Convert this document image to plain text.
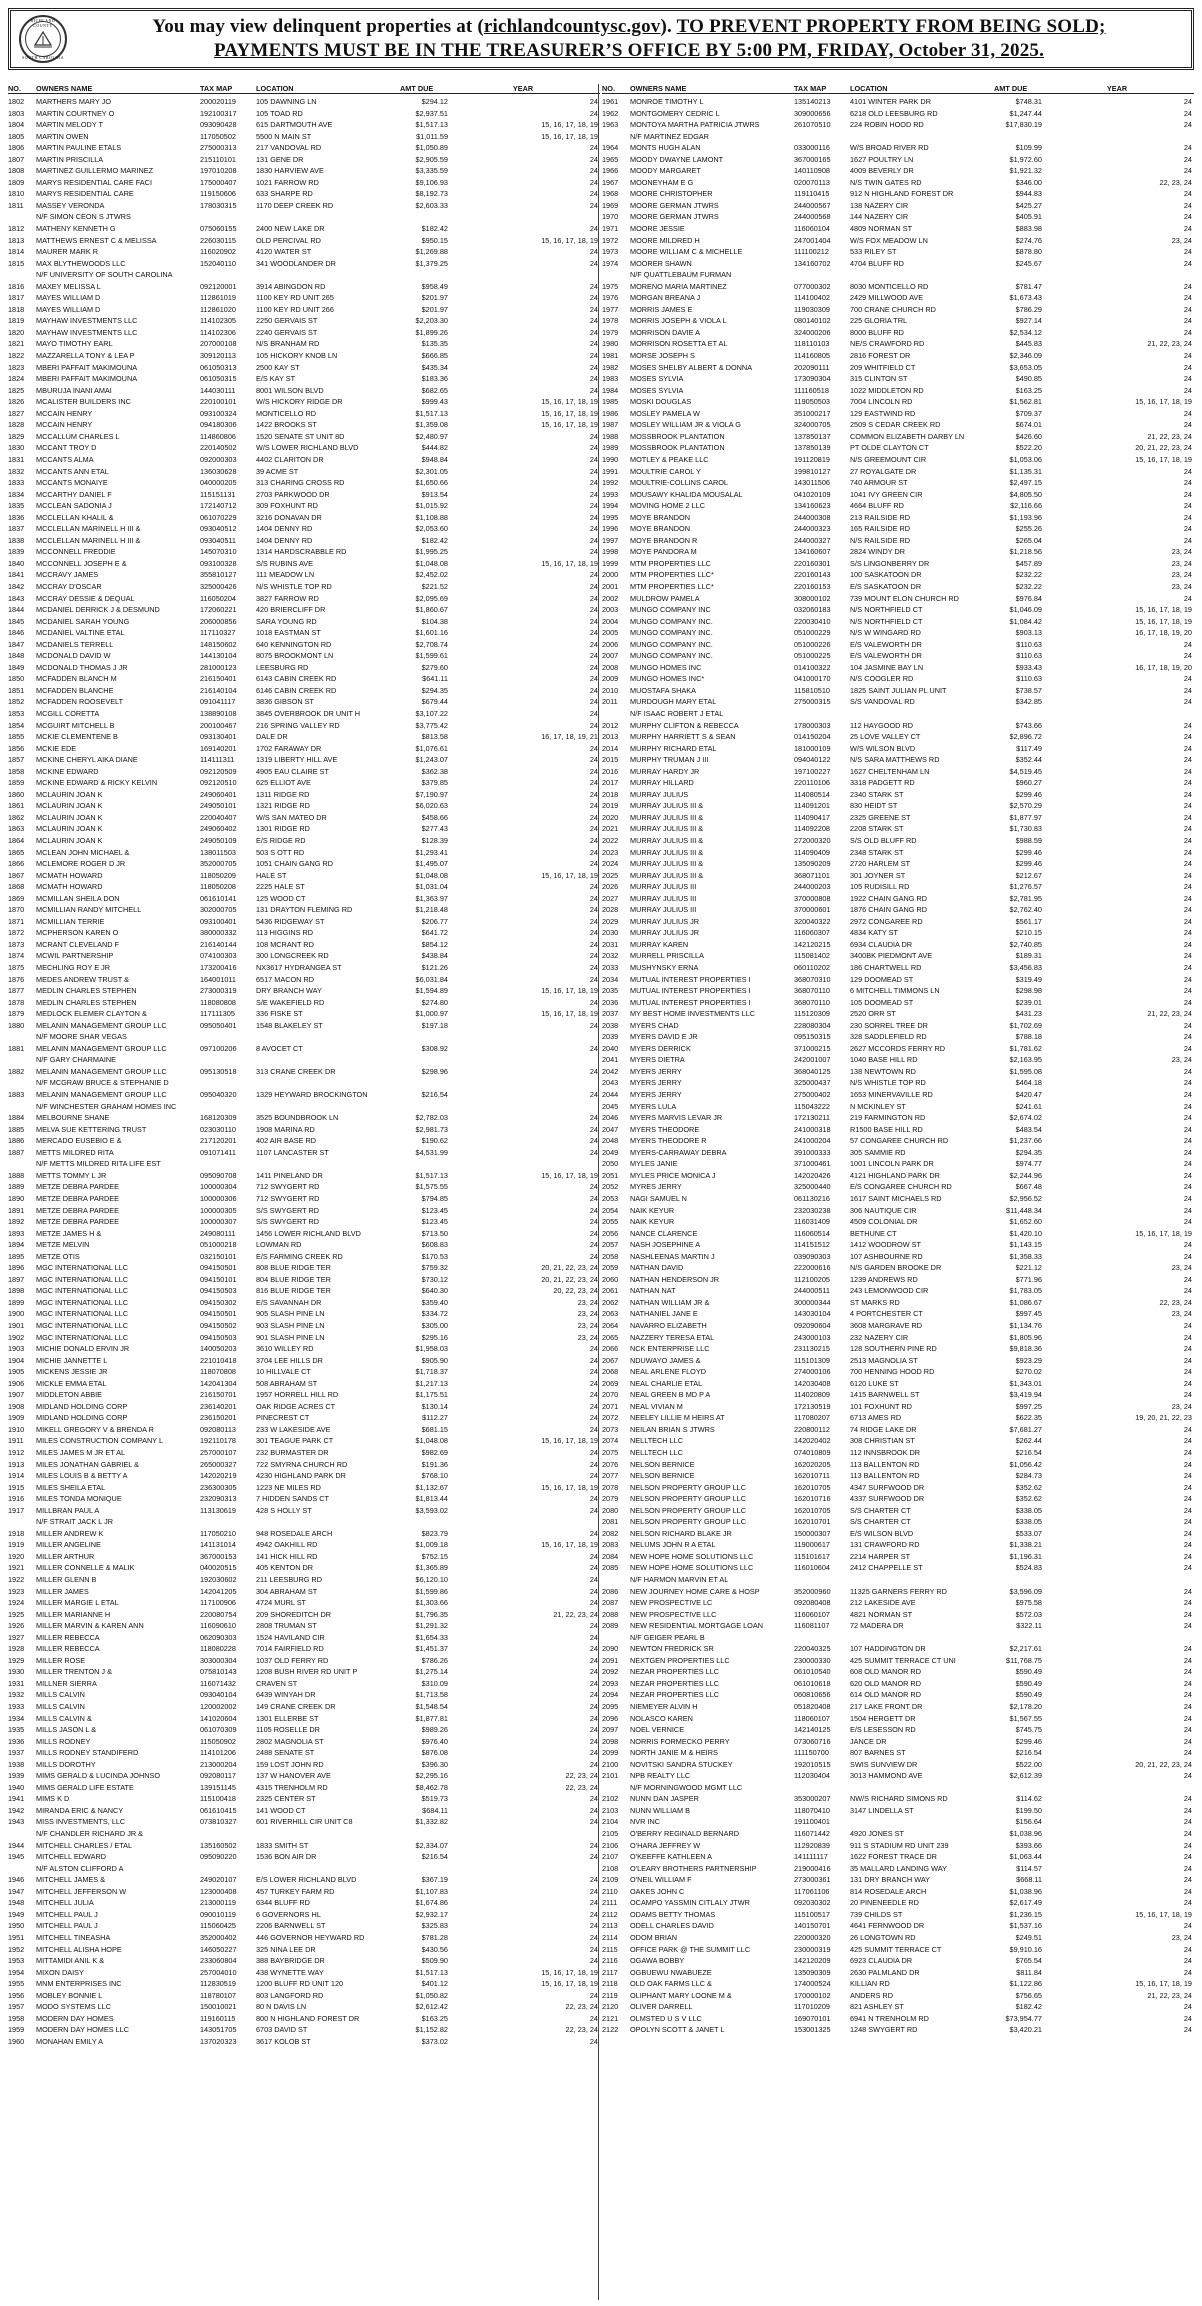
RICHLAND COUNTY
SOUTH CAROLINA
You may view delinquent properties at (richlandcountysc.gov). TO PREVENT PROPERTY FROM BEING SOLD;
PAYMENTS MUST BE IN THE TREASURER’S OFFICE BY 5:00 PM, FRIDAY, October 31, 2025.
NO.	OWNERS NAME	TAX MAP	LOCATION	AMT DUE	YEAR
1802	MARTHERS MARY JO	200020119	105 DAWNING LN	$294.12	24
1803	MARTIN COURTNEY O	192100317	105 TOAD RD	$2,937.51	24
1804	MARTIN MELODY T	093090428	615 DARTMOUTH AVE	$1,517.13	15, 16, 17, 18, 19
1805	MARTIN OWEN	117050502	5500 N MAIN ST	$1,011.59	15, 16, 17, 18, 19
1806	MARTIN PAULINE ETALS	275000313	217 VANDOVAL RD	$1,050.89	24
1807	MARTIN PRISCILLA	215110101	131 GENE DR	$2,905.59	24
1808	MARTINEZ GUILLERMO MARINEZ	197010208	1830 HARVIEW AVE	$3,335.59	24
1809	MARYS RESIDENTIAL CARE FACI	175000407	1021 FARROW RD	$9,106.93	24
1810	MARYS RESIDENTIAL CARE	119150606	633 SHARPE RD	$8,192.73	24
1811	MASSEY VERONDA	178030315	1170 DEEP CREEK RD	$2,603.33	24
N/F SIMON CEON S JTWRS
1812	MATHENY KENNETH G	075060155	2400 NEW LAKE DR	$182.42	24
1813	MATTHEWS ERNEST C & MELISSA	226030115	OLD PERCIVAL RD	$950.15	15, 16, 17, 18, 19
1814	MAURER MARK R	116020902	4120 WATER ST	$1,269.88	24
1815	MAX BLYTHEWOODS LLC	152040110	341 WOODLANDER DR	$1,379.25	24
N/F UNIVERSITY OF SOUTH CAROLINA
1816	MAXEY MELISSA L	092120001	3914 ABINGDON RD	$958.49	24
1817	MAYES WILLIAM D	112861019	1100 KEY RD UNIT 265	$201.97	24
1818	MAYES WILLIAM D	112861020	1100 KEY RD UNIT 266	$201.97	24
1819	MAYHAW INVESTMENTS LLC	114102305	2250 GERVAIS ST	$2,203.30	24
1820	MAYHAW INVESTMENTS LLC	114102306	2240 GERVAIS ST	$1,899.26	24
1821	MAYO TIMOTHY EARL	207000108	N/S BRANHAM RD	$135.35	24
1822	MAZZARELLA TONY & LEA P	309120113	105 HICKORY KNOB LN	$666.85	24
1823	MBERI PAFFAIT MAKIMOUNA	061050313	2500 KAY ST	$435.34	24
1824	MBERI PAFFAIT MAKIMOUNA	061050315	E/S KAY ST	$183.36	24
1825	MBURUJA INANI AMAI	144030111	8001 WILSON BLVD	$682.65	24
1826	MCALISTER BUILDERS INC	220100101	W/S HICKORY RIDGE DR	$999.43	15, 16, 17, 18, 19
1827	MCCAIN HENRY	093100324	MONTICELLO RD	$1,517.13	15, 16, 17, 18, 19
1828	MCCAIN HENRY	094180306	1422 BROOKS ST	$1,359.08	15, 16, 17, 18, 19
1829	MCCALLUM CHARLES L	114860806	1520 SENATE ST UNIT 8D	$2,480.97	24
1830	MCCANT TROY D	220140502	W/S LOWER RICHLAND BLVD	$444.82	24
1831	MCCANTS ALMA	092000303	4402 CLARITON DR	$948.84	24
1832	MCCANTS ANN ETAL	136030628	39 ACME ST	$2,301.05	24
1833	MCCANTS MONAIYE	040000205	313 CHARING CROSS RD	$1,650.66	24
1834	MCCARTHY DANIEL F	115151131	2703 PARKWOOD DR	$913.54	24
1835	MCCLEAN SADONIA J	172140712	309 FOXHUNT RD	$1,015.92	24
1836	MCCLELLAN KHALIL &	061070229	3216 DONAVAN DR	$1,108.88	24
1837	MCCLELLAN MARINELL H III &	093040512	1404 DENNY RD	$2,053.60	24
1838	MCCLELLAN MARINELL H III &	093040511	1404 DENNY RD	$182.42	24
1839	MCCONNELL FREDDIE	145070310	1314 HARDSCRABBLE RD	$1,995.25	24
1840	MCCONNELL JOSEPH E &	093100328	S/S RUBINS AVE	$1,048.08	15, 16, 17, 18, 19
1841	MCCRAVY JAMES	355810127	111 MEADOW LN	$2,452.02	24
1842	MCCRAY D'OSCAR	325000426	N/S WHISTLE TOP RD	$221.52	24
1843	MCCRAY DESSIE & DEQUAL	116050204	3827 FARROW RD	$2,095.69	24
1844	MCDANIEL DERRICK J & DESMUND	172060221	420 BRIERCLIFF DR	$1,860.67	24
1845	MCDANIEL SARAH YOUNG	206000856	SARA YOUNG RD	$104.38	24
1846	MCDANIEL VALTINE ETAL	117110327	1018 EASTMAN ST	$1,601.16	24
1847	MCDANIELS TERRELL	148150602	640 KENNINGTON RD	$2,708.74	24
1848	MCDONALD DAVID W	144130104	8075 BROOKMONT LN	$1,599.61	24
1849	MCDONALD THOMAS J JR	281000123	LEESBURG RD	$279.60	24
1850	MCFADDEN BLANCH M	216150401	6143 CABIN CREEK RD	$641.11	24
1851	MCFADDEN BLANCHE	216140104	6146 CABIN CREEK RD	$294.35	24
1852	MCFADDEN ROOSEVELT	091041117	3836 GIBSON ST	$679.44	24
1853	MCGILL CORETTA	138890108	3845 OVERBROOK DR UNIT H	$3,107.22	24
1854	MCGUIRT MITCHELL B	200100467	216 SPRING VALLEY RD	$3,775.42	24
1855	MCKIE CLEMENTENE B	093130401	DALE DR	$813.58	16, 17, 18, 19, 21
1856	MCKIE EDE	169140201	1702 FARAWAY DR	$1,076.61	24
1857	MCKINE CHERYL AIKA DIANE	114111311	1319 LIBERTY HILL AVE	$1,243.07	24
1858	MCKINE EDWARD	092120509	4905 EAU CLAIRE ST	$362.38	24
1859	MCKINE EDWARD & RICKY KELVIN	092120510	625 ELLIOT AVE	$379.85	24
1860	MCLAURIN JOAN K	249060401	1311 RIDGE RD	$7,190.97	24
1861	MCLAURIN JOAN K	249050101	1321 RIDGE RD	$6,020.63	24
1862	MCLAURIN JOAN K	220040407	W/S SAN MATEO DR	$458.66	24
1863	MCLAURIN JOAN K	249060402	1301 RIDGE RD	$277.43	24
1864	MCLAURIN JOAN K	249050109	E/S RIDGE RD	$128.39	24
1865	MCLEAN JOHN MICHAEL &	138011503	503 S OTT RD	$1,293.41	24
1866	MCLEMORE ROGER D JR	352000705	1051 CHAIN GANG RD	$1,495.07	24
1867	MCMATH HOWARD	118050209	HALE ST	$1,048.08	15, 16, 17, 18, 19
1868	MCMATH HOWARD	118050208	2225 HALE ST	$1,031.04	24
1869	MCMILLAN SHEILA DON	061610141	125 WOOD CT	$1,363.97	24
1870	MCMILLIAN RANDY MITCHELL	302000705	131 DRAYTON FLEMING RD	$1,218.48	24
1871	MCMILLIAN TERRIE	093100401	5436 RIDGEWAY ST	$206.77	24
1872	MCPHERSON KAREN O	380000332	113 HIGGINS RD	$641.72	24
1873	MCRANT CLEVELAND F	216140144	108 MCRANT RD	$854.12	24
1874	MCWIL PARTNERSHIP	074100303	300 LONGCREEK RD	$438.84	24
1875	MECHLING ROY E JR	173200416	NX3617 HYDRANGEA ST	$121.26	24
1876	MEDES ANDREW TRUST &	164001011	6517 MACON RD	$6,031.84	24
1877	MEDLIN CHARLES STEPHEN	273000319	DRY BRANCH WAY	$1,594.89	15, 16, 17, 18, 19
1878	MEDLIN CHARLES STEPHEN	118080808	S/E WAKEFIELD RD	$274.80	24
1879	MEDLOCK ELEMER CLAYTON &	117111305	336 FISKE ST	$1,000.97	15, 16, 17, 18, 19
1880	MELANIN MANAGEMENT GROUP LLC	095050401	1548 BLAKELEY ST	$197.18	24
N/F MOORE SHAR VEGAS
1881	MELANIN MANAGEMENT GROUP LLC	097100206	8 AVOCET CT	$308.92	24
N/F GARY CHARMAINE
1882	MELANIN MANAGEMENT GROUP LLC	095130518	313 CRANE CREEK DR	$298.96	24
N/F MCGRAW BRUCE & STEPHANIE D
1883	MELANIN MANAGEMENT GROUP LLC	095040320	1329 HEYWARD BROCKINGTON	$216.54	24
N/F WINCHESTER GRAHAM HOMES INC
1884	MELBOURNE SHANE	168120309	3525 BOUNDBROOK LN	$2,782.03	24
1885	MELVA SUE KETTERING TRUST	023030110	1908 MARINA RD	$2,981.73	24
1886	MERCADO EUSEBIO E &	217120201	402 AIR BASE RD	$190.62	24
1887	METTS MILDRED RITA	091071411	1107 LANCASTER ST	$4,531.99	24
N/F METTS MILDRED RITA LIFE EST
1888	METTS TOMMY L JR	095090708	1411 PINELAND DR	$1,517.13	15, 16, 17, 18, 19
1889	METZE DEBRA PARDEE	100000304	712 SWYGERT RD	$1,575.55	24
1890	METZE DEBRA PARDEE	100000306	712 SWYGERT RD	$794.85	24
1891	METZE DEBRA PARDEE	100000305	S/S SWYGERT RD	$123.45	24
1892	METZE DEBRA PARDEE	100000307	S/S SWYGERT RD	$123.45	24
1893	METZE JAMES H &	249080111	1456 LOWER RICHLAND BLVD	$713.50	24
1894	METZE MELVIN	051000218	LOWMAN RD	$608.83	24
1895	METZE OTIS	032150101	E/S FARMING CREEK RD	$170.53	24
1896	MGC INTERNATIONAL LLC	094150501	808 BLUE RIDGE TER	$759.32	20, 21, 22, 23, 24
1897	MGC INTERNATIONAL LLC	094150101	804 BLUE RIDGE TER	$730.12	20, 21, 22, 23, 24
1898	MGC INTERNATIONAL LLC	094150503	816 BLUE RIDGE TER	$640.30	20, 22, 23, 24
1899	MGC INTERNATIONAL LLC	094150302	E/S SAVANNAH DR	$359.40	23, 24
1900	MGC INTERNATIONAL LLC	094150501	905 SLASH PINE LN	$334.72	23, 24
1901	MGC INTERNATIONAL LLC	094150502	903 SLASH PINE LN	$305.00	23, 24
1902	MGC INTERNATIONAL LLC	094150503	901 SLASH PINE LN	$295.16	23, 24
1903	MICHIE DONALD ERVIN JR	140050203	3610 WILLEY RD	$1,958.03	24
1904	MICHIE JANNETTE L	221010418	3704 LEE HILLS DR	$905.90	24
1905	MICKENS JESSIE JR	118070808	10 HILLVALE CT	$1,718.37	24
1906	MICKLE EMMA ETAL	142041304	508 ABRAHAM ST	$1,217.13	24
1907	MIDDLETON ABBIE	216150701	1957 HORRELL HILL RD	$1,175.51	24
1908	MIDLAND HOLDING CORP	236140201	OAK RIDGE ACRES CT	$130.14	24
1909	MIDLAND HOLDING CORP	236150201	PINECREST CT	$112.27	24
1910	MIKELL GREGORY V & BRENDA R	092080113	233 W LAKESIDE AVE	$681.15	24
1911	MILES CONSTRUCTION COMPANY L	192110178	301 TEAGUE PARK CT	$1,048.08	15, 16, 17, 18, 19
1912	MILES JAMES M JR ET AL	257000107	232 BURMASTER DR	$982.69	24
1913	MILES JONATHAN GABRIEL &	265000327	722 SMYRNA CHURCH RD	$191.36	24
1914	MILES LOUIS B & BETTY A	142020219	4230 HIGHLAND PARK DR	$768.10	24
1915	MILES SHEILA ETAL	236300305	1223 NE MILES RD	$1,132.67	15, 16, 17, 18, 19
1916	MILES TONDA MONIQUE	232090313	7 HIDDEN SANDS CT	$1,813.44	24
1917	MILLBRAN PAUL A	113130619	428 S HOLLY ST	$3,593.02	24
N/F STRAIT JACK L JR
1918	MILLER ANDREW K	117050210	948 ROSEDALE ARCH	$823.79	24
1919	MILLER ANGELINE	141131014	4942 OAKHILL RD	$1,009.18	15, 16, 17, 18, 19
1920	MILLER ARTHUR	367000153	141 HICK HILL RD	$752.15	24
1921	MILLER CONNELLE & MALIK	040020515	405 KENTON DR	$1,365.89	24
1922	MILLER GLENN B	192030602	211 LEESBURG RD	$6,120.10	24
1923	MILLER JAMES	142041205	304 ABRAHAM ST	$1,599.86	24
1924	MILLER MARGIE L ETAL	117100906	4724 MURL ST	$1,303.66	24
1925	MILLER MARIANNE H	220080754	209 SHOREDITCH DR	$1,796.35	21, 22, 23, 24
1926	MILLER MARVIN & KAREN ANN	116090610	2808 TRUMAN ST	$1,291.32	24
1927	MILLER REBECCA	062090303	1524 HAVILAND CIR	$1,654.33	24
1928	MILLER REBECCA	118080228	7014 FAIRFIELD RD	$1,451.37	24
1929	MILLER ROSE	303000304	1037 OLD FERRY RD	$786.26	24
1930	MILLER TRENTON J &	075810143	1208 BUSH RIVER RD UNIT P	$1,275.14	24
1931	MILLNER SIERRA	116071432	CRAVEN ST	$310.09	24
1932	MILLS CALVIN	093040104	6439 WINYAH DR	$1,713.58	24
1933	MILLS CALVIN	120002002	149 CRANE CREEK DR	$1,548.54	24
1934	MILLS CALVIN &	141020604	1301 ELLERBE ST	$1,877.81	24
1935	MILLS JASON L &	061070309	1105 ROSELLE DR	$989.26	24
1936	MILLS RODNEY	115050902	2802 MAGNOLIA ST	$976.40	24
1937	MILLS RODNEY STANDIFERD	114101206	2488 SENATE ST	$876.08	24
1938	MILLS DOROTHY	213000204	159 LOST JOHN RD	$396.30	24
1939	MIMS GERALD & LUCINDA JOHNSO	092080117	137 W HANOVER AVE	$2,295.16	22, 23, 24
1940	MIMS GERALD LIFE ESTATE	139151145	4315 TRENHOLM RD	$8,462.78	22, 23, 24
1941	MIMS K D	115100418	2325 CENTER ST	$519.73	24
1942	MIRANDA ERIC & NANCY	061610415	141 WOOD CT	$684.11	24
1943	MISS INVESTMENTS, LLC	073810327	601 RIVERHILL CIR UNIT C8	$1,332.82	24
N/F CHANDLER RICHARD JR &
1944	MITCHELL CHARLES / ETAL	135160502	1833 SMITH ST	$2,334.07	24
1945	MITCHELL EDWARD	095090220	1536 BON AIR DR	$216.54	24
N/F ALSTON CLIFFORD A
1946	MITCHELL JAMES &	249020107	E/S LOWER RICHLAND BLVD	$367.19	24
1947	MITCHELL JEFFERSON W	123000408	457 TURKEY FARM RD	$1,107.83	24
1948	MITCHELL JULIA	213000119	6344 BLUFF RD	$1,674.86	24
1949	MITCHELL PAUL J	090010119	6 GOVERNORS HL	$2,932.17	24
1950	MITCHELL PAUL J	115060425	2206 BARNWELL ST	$325.83	24
1951	MITCHELL TINEASHA	352000402	446 GOVERNOR HEYWARD RD	$781.28	24
1952	MITCHELL ALISHA HOPE	146050227	325 NINA LEE DR	$430.56	24
1953	MITTAMIDI ANIL K &	233060804	388 BAYBRIDGE DR	$509.90	24
1954	MIXON DAISY	257004010	438 WYNETTE WAY	$1,517.13	15, 16, 17, 18, 19
1955	MNM ENTERPRISES INC	112830519	1200 BLUFF RD UNIT 120	$401.12	15, 16, 17, 18, 19
1956	MOBLEY BONNIE L	118780107	803 LANGFORD RD	$1,050.82	24
1957	MODO SYSTEMS LLC	150010021	80 N DAVIS LN	$2,612.42	22, 23, 24
1958	MODERN DAY HOMES	119160115	800 N HIGHLAND FOREST DR	$163.25	24
1959	MODERN DAY HOMES LLC	143051705	6703 DAVID ST	$1,152.82	22, 23, 24
1960	MONAHAN EMILY A	137020323	3617 KOLOB ST	$373.02	24
NO.	OWNERS NAME	TAX MAP	LOCATION	AMT DUE	YEAR
1961	MONROE TIMOTHY L	135140213	4101 WINTER PARK DR	$748.31	24
1962	MONTGOMERY CEDRIC L	309000656	6218 OLD LEESBURG RD	$1,247.44	24
1963	MONTOYA MARTHA PATRICIA JTWRS	261070510	224 ROBIN HOOD RD	$17,830.19	24
N/F MARTINEZ EDGAR
1964	MONTS HUGH ALAN	033000116	W/S BROAD RIVER RD	$109.99	24
1965	MOODY DWAYNE LAMONT	367000165	1627 POULTRY LN	$1,972.60	24
1966	MOODY MARGARET	140110908	4009 BEVERLY DR	$1,921.32	24
1967	MOONEYHAM E G	020070113	N/S TWIN GATES RD	$346.00	22, 23, 24
1968	MOORE CHRISTOPHER	119110415	912 N HIGHLAND FOREST DR	$944.83	24
1969	MOORE GERMAN JTWRS	244000567	138 NAZERY CIR	$425.27	24
1970	MOORE GERMAN JTWRS	244000568	144 NAZERY CIR	$405.91	24
1971	MOORE JESSIE	116060104	4809 NORMAN ST	$883.98	24
1972	MOORE MILDRED H	247001404	W/S FOX MEADOW LN	$274.76	23, 24
1973	MOORE WILLIAM C & MICHELLE	111100212	533 RILEY ST	$878.80	24
1974	MOORER SHAWN	134160702	4704 BLUFF RD	$245.67	24
N/F QUATTLEBAUM FURMAN
1975	MORENO MARIA MARTINEZ	077000302	8030 MONTICELLO RD	$781.47	24
1976	MORGAN BREANA J	114100402	2429 MILLWOOD AVE	$1,673.43	24
1977	MORRIS JAMES E	119030309	700 CRANE CHURCH RD	$786.29	24
1978	MORRIS JOSEPH & VIOLA L	080140102	225 GLORIA TRL	$927.14	24
1979	MORRISON DAVIE A	324000206	8000 BLUFF RD	$2,534.12	24
1980	MORRISON ROSETTA ET AL	118110103	NE/S CRAWFORD RD	$445.83	21, 22, 23, 24
1981	MORSE JOSEPH S	114160805	2816 FOREST DR	$2,346.09	24
1982	MOSES SHELBY ALBERT & DONNA	202090111	209 WHITFIELD CT	$3,653.05	24
1983	MOSES SYLVIA	173090304	315 CLINTON ST	$490.85	24
1984	MOSES SYLVIA	111160518	1022 MIDDLETON RD	$163.25	24
1985	MOSKI DOUGLAS	119050503	7004 LINCOLN RD	$1,562.81	15, 16, 17, 18, 19
1986	MOSLEY PAMELA W	351000217	129 EASTWIND RD	$709.37	24
1987	MOSLEY WILLIAM JR & VIOLA G	324000705	2509 S CEDAR CREEK RD	$674.01	24
1988	MOSSBROOK PLANTATION	137850137	COMMON ELIZABETH DARBY LN	$426.60	21, 22, 23, 24
1989	MOSSBROOK PLANTATION	137850139	PT OLDE CLAYTON CT	$522.20	20, 21, 22, 23, 24
1990	MOTLEY & PEAKE LLC	191120819	N/S GREEMOUNT CIR	$1,053.06	15, 16, 17, 18, 19
1991	MOULTRIE CAROL Y	199810127	27 ROYALGATE DR	$1,135.31	24
1992	MOULTRIE-COLLINS CAROL	143011506	740 ARMOUR ST	$2,497.15	24
1993	MOUSAWY KHALIDA MOUSALAL	041020109	1041 IVY GREEN CIR	$4,805.50	24
1994	MOVING HOME 2 LLC	134160623	4664 BLUFF RD	$2,116.66	24
1995	MOYE BRANDON	244000308	213 RAILSIDE RD	$1,193.96	24
1996	MOYE BRANDON	244000323	165 RAILSIDE RD	$255.26	24
1997	MOYE BRANDON R	244000327	N/S RAILSIDE RD	$265.04	24
1998	MOYE PANDORA M	134160607	2824 WINDY DR	$1,218.56	23, 24
1999	MTM PROPERTIES LLC	220160301	S/S LINGONBERRY DR	$457.89	23, 24
2000	MTM PROPERTIES LLC*	220160143	100 SASKATOON DR	$232.22	23, 24
2001	MTM PROPERTIES LLC*	220160153	E/S SASKATOON DR	$232.22	23, 24
2002	MULDROW PAMELA	308000102	739 MOUNT ELON CHURCH RD	$976.84	24
2003	MUNGO COMPANY INC	032060183	N/S NORTHFIELD CT	$1,046.09	15, 16, 17, 18, 19
2004	MUNGO COMPANY INC.	220030410	N/S NORTHFIELD CT	$1,084.42	15, 16, 17, 18, 19
2005	MUNGO COMPANY INC.	051000229	N/S W WINGARD RD	$903.13	16, 17, 18, 19, 20
2006	MUNGO COMPANY INC.	051000226	E/S VALEWORTH DR	$110.63	24
2007	MUNGO COMPANY INC.	051000225	E/S VALEWORTH DR	$110.63	24
2008	MUNGO HOMES INC	014100322	104 JASMINE BAY LN	$933.43	16, 17, 18, 19, 20
2009	MUNGO HOMES INC*	041000170	N/S COOGLER RD	$110.63	24
2010	MUOSTAFA SHAKA	115810510	1825 SAINT JULIAN PL UNIT	$738.57	24
2011	MURDOUGH MARY ETAL	275000315	S/S VANDOVAL RD	$342.85	24
N/F ISAAC ROBERT J ETAL
2012	MURPHY CLIFTON & REBECCA	178000303	112 HAYGOOD RD	$743.66	24
2013	MURPHY HARRIETT S & SEAN	014150204	25 LOVE VALLEY CT	$2,896.72	24
2014	MURPHY RICHARD ETAL	181000109	W/S WILSON BLVD	$117.49	24
2015	MURPHY TRUMAN J III	094040122	N/S SARA MATTHEWS RD	$352.44	24
2016	MURRAY HARDY JR	197100227	1627 CHELTENHAM LN	$4,519.45	24
2017	MURRAY HILLARD	220110106	3318 PADGETT RD	$960.27	24
2018	MURRAY JULIUS	114080514	2340 STARK ST	$299.46	24
2019	MURRAY JULIUS III &	114091201	830 HEIDT ST	$2,570.29	24
2020	MURRAY JULIUS III &	114090417	2325 GREENE ST	$1,877.97	24
2021	MURRAY JULIUS III &	114092208	2208 STARK ST	$1,730.83	24
2022	MURRAY JULIUS III &	272000320	S/S OLD BLUFF RD	$988.59	24
2023	MURRAY JULIUS III &	114090409	2348 STARK ST	$299.46	24
2024	MURRAY JULIUS III &	135090209	2720 HARLEM ST	$299.46	24
2025	MURRAY JULIUS III &	368071101	301 JOYNER ST	$212.67	24
2026	MURRAY JULIUS III	244000203	105 RUDISILL RD	$1,276.57	24
2027	MURRAY JULIUS III	370000808	1922 CHAIN GANG RD	$2,781.95	24
2028	MURRAY JULIUS III	370000601	1876 CHAIN GANG RD	$2,762.40	24
2029	MURRAY JULIUS JR	320040322	2972 CONGAREE RD	$561.17	24
2030	MURRAY JULIUS JR	116060307	4834 KATY ST	$210.15	24
2031	MURRAY KAREN	142120215	6934 CLAUDIA DR	$2,740.85	24
2032	MURRELL PRISCILLA	115081402	3400BK PIEDMONT AVE	$189.31	24
2033	MUSHYNSKY ERNA	060110202	186 CHARTWELL RD	$3,456.83	24
2034	MUTUAL INTEREST PROPERTIES I	368070310	129 DOOMEAD ST	$319.49	24
2035	MUTUAL INTEREST PROPERTIES I	368070110	6 MITCHELL TIMMONS LN	$298.98	24
2036	MUTUAL INTEREST PROPERTIES I	368070110	105 DOOMEAD ST	$239.01	24
2037	MY BEST HOME INVESTMENTS LLC	115120309	2520 ORR ST	$431.23	21, 22, 23, 24
2038	MYERS CHAD	228080304	230 SORREL TREE DR	$1,702.69	24
2039	MYERS DAVID E JR	095150315	328 SADDLEFIELD RD	$788.18	24
2040	MYERS DERRICK	371000215	2627 MCCORDS FERRY RD	$1,781.62	24
2041	MYERS DIETRA	242001007	1040 BASE HILL RD	$2,163.95	23, 24
2042	MYERS JERRY	368040125	138 NEWTOWN RD	$1,595.08	24
2043	MYERS JERRY	325000437	N/S WHISTLE TOP RD	$464.18	24
2044	MYERS JERRY	275000402	1653 MINERVAVILLE RD	$420.47	24
2045	MYERS LULA	115043222	N MCKINLEY ST	$241.61	24
2046	MYERS MARVIS LEVAR JR	172130211	219 FARMINGTON RD	$2,674.02	24
2047	MYERS THEODORE	241000318	R1500 BASE HILL RD	$483.54	24
2048	MYERS THEODORE R	241000204	57 CONGAREE CHURCH RD	$1,237.66	24
2049	MYERS-CARRAWAY DEBRA	391000333	305 SAMMIE RD	$294.35	24
2050	MYLES JANIE	371000461	1001 LINCOLN PARK DR	$974.77	24
2051	MYLES PRICE MONICA J	142020426	4121 HIGHLAND PARK DR	$2,244.96	24
2052	MYRES JERRY	325000440	E/S CONGAREE CHURCH RD	$667.48	24
2053	NAGI SAMUEL N	061130216	1617 SAINT MICHAELS RD	$2,956.52	24
2054	NAIK KEYUR	232030238	306 NAUTIQUE CIR	$11,448.34	24
2055	NAIK KEYUR	116031409	4509 COLONIAL DR	$1,652.60	24
2056	NANCE CLARENCE	116060514	BETHUNE CT	$1,420.10	15, 16, 17, 18, 19
2057	NASH JOSEPHINE A	114151512	1412 WOODROW ST	$1,143.15	24
2058	NASHLEENAS MARTIN J	039090303	107 ASHBOURNE RD	$1,358.33	24
2059	NATHAN DAVID	222000616	N/S GARDEN BROOKE DR	$221.12	23, 24
2060	NATHAN HENDERSON JR	112100205	1239 ANDREWS RD	$771.96	24
2061	NATHAN NAT	244000511	243 LEMONWOOD CIR	$1,783.05	24
2062	NATHAN WILLIAM JR &	300000344	ST MARKS RD	$1,086.67	22, 23, 24
2063	NATHANIEL JANE E	143030104	4 PORTCHESTER CT	$997.45	23, 24
2064	NAVARRO ELIZABETH	092090604	3608 MARGRAVE RD	$1,134.76	24
2065	NAZZERY TERESA ETAL	243000103	232 NAZERY CIR	$1,805.96	24
2066	NCK ENTERPRISE LLC	231130215	128 SOUTHERN PINE RD	$9,818.36	24
2067	NDUWAYO JAMES &	115101309	2513 MAGNOLIA ST	$923.29	24
2068	NEAL ARLENE FLOYD	274000106	700 HENNING HOOD RD	$270.02	24
2069	NEAL CHARLIE ETAL	142030408	6120 LUKE ST	$1,343.01	24
2070	NEAL GREEN B MD P A	114020809	1415 BARNWELL ST	$3,419.94	24
2071	NEAL VIVIAN M	172130519	101 FOXHUNT RD	$997.25	23, 24
2072	NEELEY LILLIE M HEIRS AT	117080207	6713 AMES RD	$622.35	19, 20, 21, 22, 23
2073	NEILAN BRIAN S JTWRS	220800112	74 RIDGE LAKE DR	$7,681.27	24
2074	NELLTECH LLC	142020402	308 CHRISTIAN ST	$262.44	24
2075	NELLTECH LLC	074010809	112 INNSBROOK DR	$216.54	24
2076	NELSON BERNICE	162020205	113 BALLENTON RD	$1,056.42	24
2077	NELSON BERNICE	162010711	113 BALLENTON RD	$284.73	24
2078	NELSON PROPERTY GROUP LLC	162010705	4347 SURFWOOD DR	$352.62	24
2079	NELSON PROPERTY GROUP LLC	162010716	4337 SURFWOOD DR	$352.62	24
2080	NELSON PROPERTY GROUP LLC	162010705	S/S CHARTER CT	$338.05	24
2081	NELSON PROPERTY GROUP LLC	162010701	S/S CHARTER CT	$338.05	24
2082	NELSON RICHARD BLAKE JR	150000307	E/S WILSON BLVD	$533.07	24
2083	NELUMS JOHN R A ETAL	119000617	131 CRAWFORD RD	$1,338.21	24
2084	NEW HOPE HOME SOLUTIONS LLC	115101617	2214 HARPER ST	$1,196.31	24
2085	NEW HOPE HOME SOLUTIONS LLC	116010604	2412 CHAPPELLE ST	$524.83	24
N/F HARMON MARVIN ET AL
2086	NEW JOURNEY HOME CARE & HOSP	352000960	11325 GARNERS FERRY RD	$3,596.09	24
2087	NEW PROSPECTIVE LC	092080408	212 LAKESIDE AVE	$975.58	24
2088	NEW PROSPECTIVE LLC	116060107	4821 NORMAN ST	$572.03	24
2089	NEW RESIDENTIAL MORTGAGE LOAN	116081107	72 MADERA DR	$322.11	24
N/F GEIGER PEARL B
2090	NEWTON FREDRICK SR	220040325	107 HADDINGTON DR	$2,217.61	24
2091	NEXTGEN PROPERTIES LLC	230000330	425 SUMMIT TERRACE CT UNI	$11,768.75	24
2092	NEZAR PROPERTIES LLC	061010540	608 OLD MANOR RD	$590.49	24
2093	NEZAR PROPERTIES LLC	061010618	620 OLD MANOR RD	$590.49	24
2094	NEZAR PROPERTIES LLC	060810656	614 OLD MANOR RD	$590.49	24
2095	NIEMEYER ALVIN H	051820408	217 LAKE FRONT DR	$2,178.20	24
2096	NOLASCO KAREN	118060107	1504 HERGETT DR	$1,567.55	24
2097	NOEL VERNICE	142140125	E/S LESESSON RD	$745.75	24
2098	NORRIS FORMECKO PERRY	073060716	JANCE DR	$299.46	24
2099	NORTH JANIE M & HEIRS	111150700	807 BARNES ST	$216.54	24
2100	NOVITSKI SANDRA STUCKEY	192010515	SWIS SUNVIEW DR	$522.00	20, 21, 22, 23, 24
2101	NPB REALTY LLC	112030404	3013 HAMMOND AVE	$2,612.39	24
N/F MORNINGWOOD MGMT LLC
2102	NUNN DAN JASPER	353000207	NW/S RICHARD SIMONS RD	$114.62	24
2103	NUNN WILLIAM B	118070410	3147 LINDELLA ST	$199.50	24
2104	NVR INC	191100401	$156.64	24
2105	O'BERRY REGINALD BERNARD	116071442	4920 JONES ST	$1,038.96	24
2106	O'HARA JEFFREY W	112920839	911 S STADIUM RD UNIT 239	$393.66	24
2107	O'KEEFFE KATHLEEN A	141111117	1622 FOREST TRACE DR	$1,063.44	24
2108	O'LEARY BROTHERS PARTNERSHIP	219000416	35 MALLARD LANDING WAY	$114.57	24
2109	O'NEIL WILLIAM F	273000361	131 DRY BRANCH WAY	$668.11	24
2110	OAKES JOHN C	117061106	814 ROSEDALE ARCH	$1,038.96	24
2111	OCAMPO YASSMIN CITLALY JTWR	092030302	20 PINENEEDLE RD	$2,617.49	24
2112	ODAMS BETTY THOMAS	115100517	739 CHILDS ST	$1,236.15	15, 16, 17, 18, 19
2113	ODELL CHARLES DAVID	140150701	4641 FERNWOOD DR	$1,537.16	24
2114	ODOM BRIAN	220000320	26 LONGTOWN RD	$249.51	23, 24
2115	OFFICE PARK @ THE SUMMIT LLC	230000319	425 SUMMIT TERRACE CT	$9,910.16	24
2116	OGAWA BOBBY	142120209	6923 CLAUDIA DR	$765.54	24
2117	OGBUEWU NWABUEZE	135090309	2630 PALMLAND DR	$811.84	24
2118	OLD OAK FARMS LLC &	174000524	KILLIAN RD	$1,122.86	15, 16, 17, 18, 19
2119	OLIPHANT MARY LOONE M &	170000102	ANDERS RD	$756.65	21, 22, 23, 24
2120	OLIVER DARRELL	117010209	821 ASHLEY ST	$182.42	24
2121	OLMSTED U S V LLC	169070101	6941 N TRENHOLM RD	$73,954.77	24
2122	OPOLYN SCOTT & JANET L	153001325	1248 SWYGERT RD	$3,420.21	24
